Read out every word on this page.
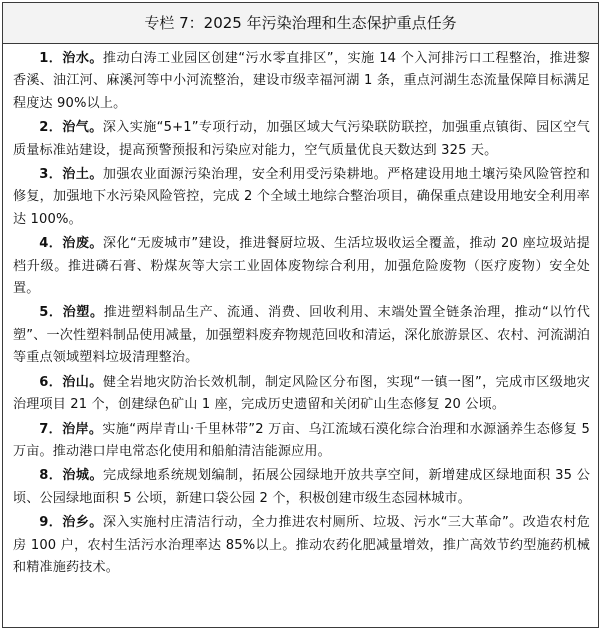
专栏 7：2025 年污染治理和生态保护重点任务

1．治水。推动白涛工业园区创建“污水零直排区”，实施 14 个入河排污口工程整治，推进黎香溪、油江河、麻溪河等中小河流整治，建设市级幸福河湖 1 条，重点河湖生态流量保障目标满足程度达 90%以上。

2．治气。深入实施“5+1”专项行动，加强区域大气污染联防联控，加强重点镇街、园区空气质量标准站建设，提高预警预报和污染应对能力，空气质量优良天数达到 325 天。

3．治土。加强农业面源污染治理，安全利用受污染耕地。严格建设用地土壤污染风险管控和修复，加强地下水污染风险管控，完成 2 个全域土地综合整治项目，确保重点建设用地安全利用率达 100%。

4．治废。深化“无废城市”建设，推进餐厨垃圾、生活垃圾收运全覆盖，推动 20 座垃圾站提档升级。推进磷石膏、粉煤灰等大宗工业固体废物综合利用，加强危险废物（医疗废物）安全处置。

5．治塑。推进塑料制品生产、流通、消费、回收利用、末端处置全链条治理，推动“以竹代塑”、一次性塑料制品使用减量，加强塑料废弃物规范回收和清运，深化旅游景区、农村、河流湖泊等重点领域塑料垃圾清理整治。

6．治山。健全岩地灾防治长效机制，制定风险区分布图，实现“一镇一图”，完成市区级地灾治理项目 21 个，创建绿色矿山 1 座，完成历史遗留和关闭矿山生态修复 20 公顷。

7．治岸。实施“两岸青山·千里林带”2 万亩、乌江流域石漠化综合治理和水源涵养生态修复 5 万亩。推动港口岸电常态化使用和船舶清洁能源应用。

8．治城。完成绿地系统规划编制，拓展公园绿地开放共享空间，新增建成区绿地面积 35 公顷、公园绿地面积 5 公顷，新建口袋公园 2 个，积极创建市级生态园林城市。

9．治乡。深入实施村庄清洁行动，全力推进农村厕所、垃圾、污水“三大革命”。改造农村危房 100 户，农村生活污水治理率达 85%以上。推动农药化肥减量增效，推广高效节约型施药机械和精准施药技术。
